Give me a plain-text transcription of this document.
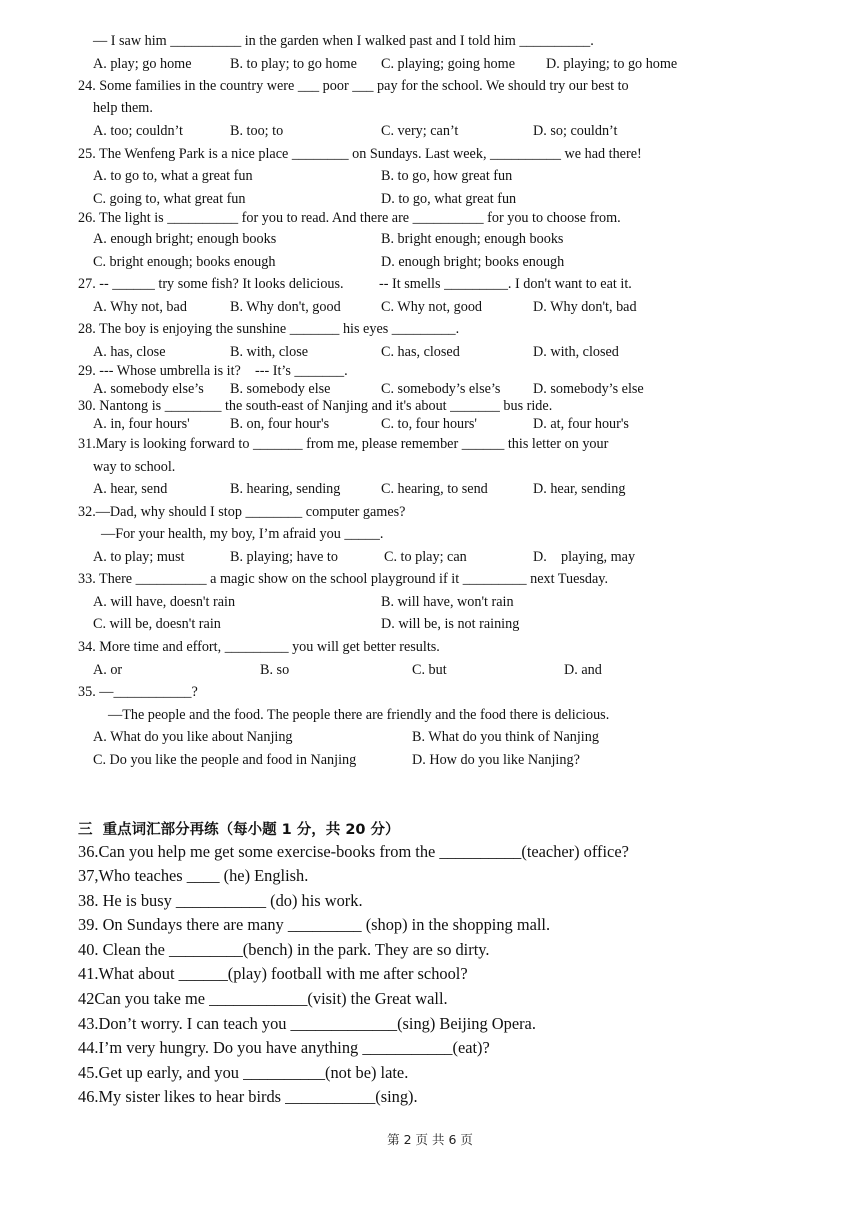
— I saw him __________ in the garden when I walked past and I told him __________.
A. play; go home	B. to play; to go home C. playing; going home D. playing; to go home
24. Some families in the country were ___ poor ___ pay for the school. We should try our best to
help them.
A. too; couldn’t	B. too; to	C. very; can’t	D. so; couldn’t
25. The Wenfeng Park is a nice place ________ on Sundays. Last week, __________ we had there!
A. to go to, what a great fun	B. to go, how great fun
C. going to, what great fun	D. to go, what great fun
26. The light is __________ for you to read. And there are __________ for you to choose from.
A. enough bright; enough books	B. bright enough; enough books
C. bright enough; books enough	D. enough bright; books enough
27. -- ______ try some fish? It looks delicious.          -- It smells _________. I don't want to eat it.
A. Why not, bad	B. Why don't, good	C. Why not, good	D. Why don't, bad
28. The boy is enjoying the sunshine _______ his eyes _________.
A. has, close	B. with, close	C. has, closed	D. with, closed
29. --- Whose umbrella is it?    --- It’s _______.
A. somebody else’s B. somebody else	C. somebody’s else’s D. somebody’s else
30. Nantong is ________ the south-east of Nanjing and it's about _______ bus ride.
A. in, four hours'	B. on, four hour's	C. to, four hours'	D. at, four hour's
31.Mary is looking forward to _______ from me, please remember ______ this letter on your
way to school.
A. hear, send	B. hearing, sending	C. hearing, to send	D. hear, sending
32.—Dad, why should I stop ________ computer games?
—For your health, my boy, I’m afraid you _____.
A. to play; must	B. playing; have to	C. to play; can	D.    playing, may
33. There __________ a magic show on the school playground if it _________ next Tuesday.
A. will have, doesn't rain	B. will have, won't rain
C. will be, doesn't rain	D. will be, is not raining
34. More time and effort, _________ you will get better results.
A. or	B. so	C. but	D. and
35. —___________?
—The people and the food. The people there are friendly and the food there is delicious.
A. What do you like about Nanjing	B. What do you think of Nanjing
C. Do you like the people and food in Nanjing	D. How do you like Nanjing?
三  重点词汇部分再练（每小题 1 分，共 20 分）
36.Can you help me get some exercise-books from the __________(teacher) office?
37,Who teaches ____ (he) English.
38. He is busy ___________ (do) his work.
39. On Sundays there are many _________ (shop) in the shopping mall.
40. Clean the _________(bench) in the park. They are so dirty.
41.What about ______(play) football with me after school?
42Can you take me ____________(visit) the Great wall.
43.Don’t worry. I can teach you _____________(sing) Beijing Opera.
44.I’m very hungry. Do you have anything ___________(eat)?
45.Get up early, and you __________(not be) late.
46.My sister likes to hear birds ___________(sing).
第 2 页 共 6 页
